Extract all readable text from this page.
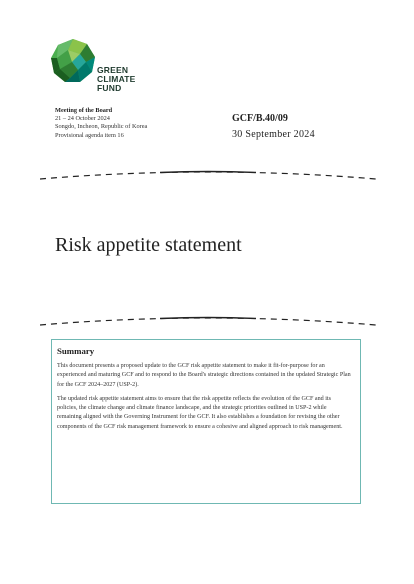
GREEN
CLIMATE
FUND
Meeting of the Board
21 – 24 October 2024
Songdo, Incheon, Republic of Korea
Provisional agenda item 16
GCF/B.40/09
30 September 2024
Risk appetite statement
Summary

This document presents a proposed update to the GCF risk appetite statement to make it fit-for-purpose for an experienced and maturing GCF and to respond to the Board's strategic directions contained in the updated Strategic Plan for the GCF 2024–2027 (USP-2).

The updated risk appetite statement aims to ensure that the risk appetite reflects the evolution of the GCF and its policies, the climate change and climate finance landscape, and the strategic priorities outlined in USP-2 while remaining aligned with the Governing Instrument for the GCF. It also establishes a foundation for revising the other components of the GCF risk management framework to ensure a cohesive and aligned approach to risk management.
